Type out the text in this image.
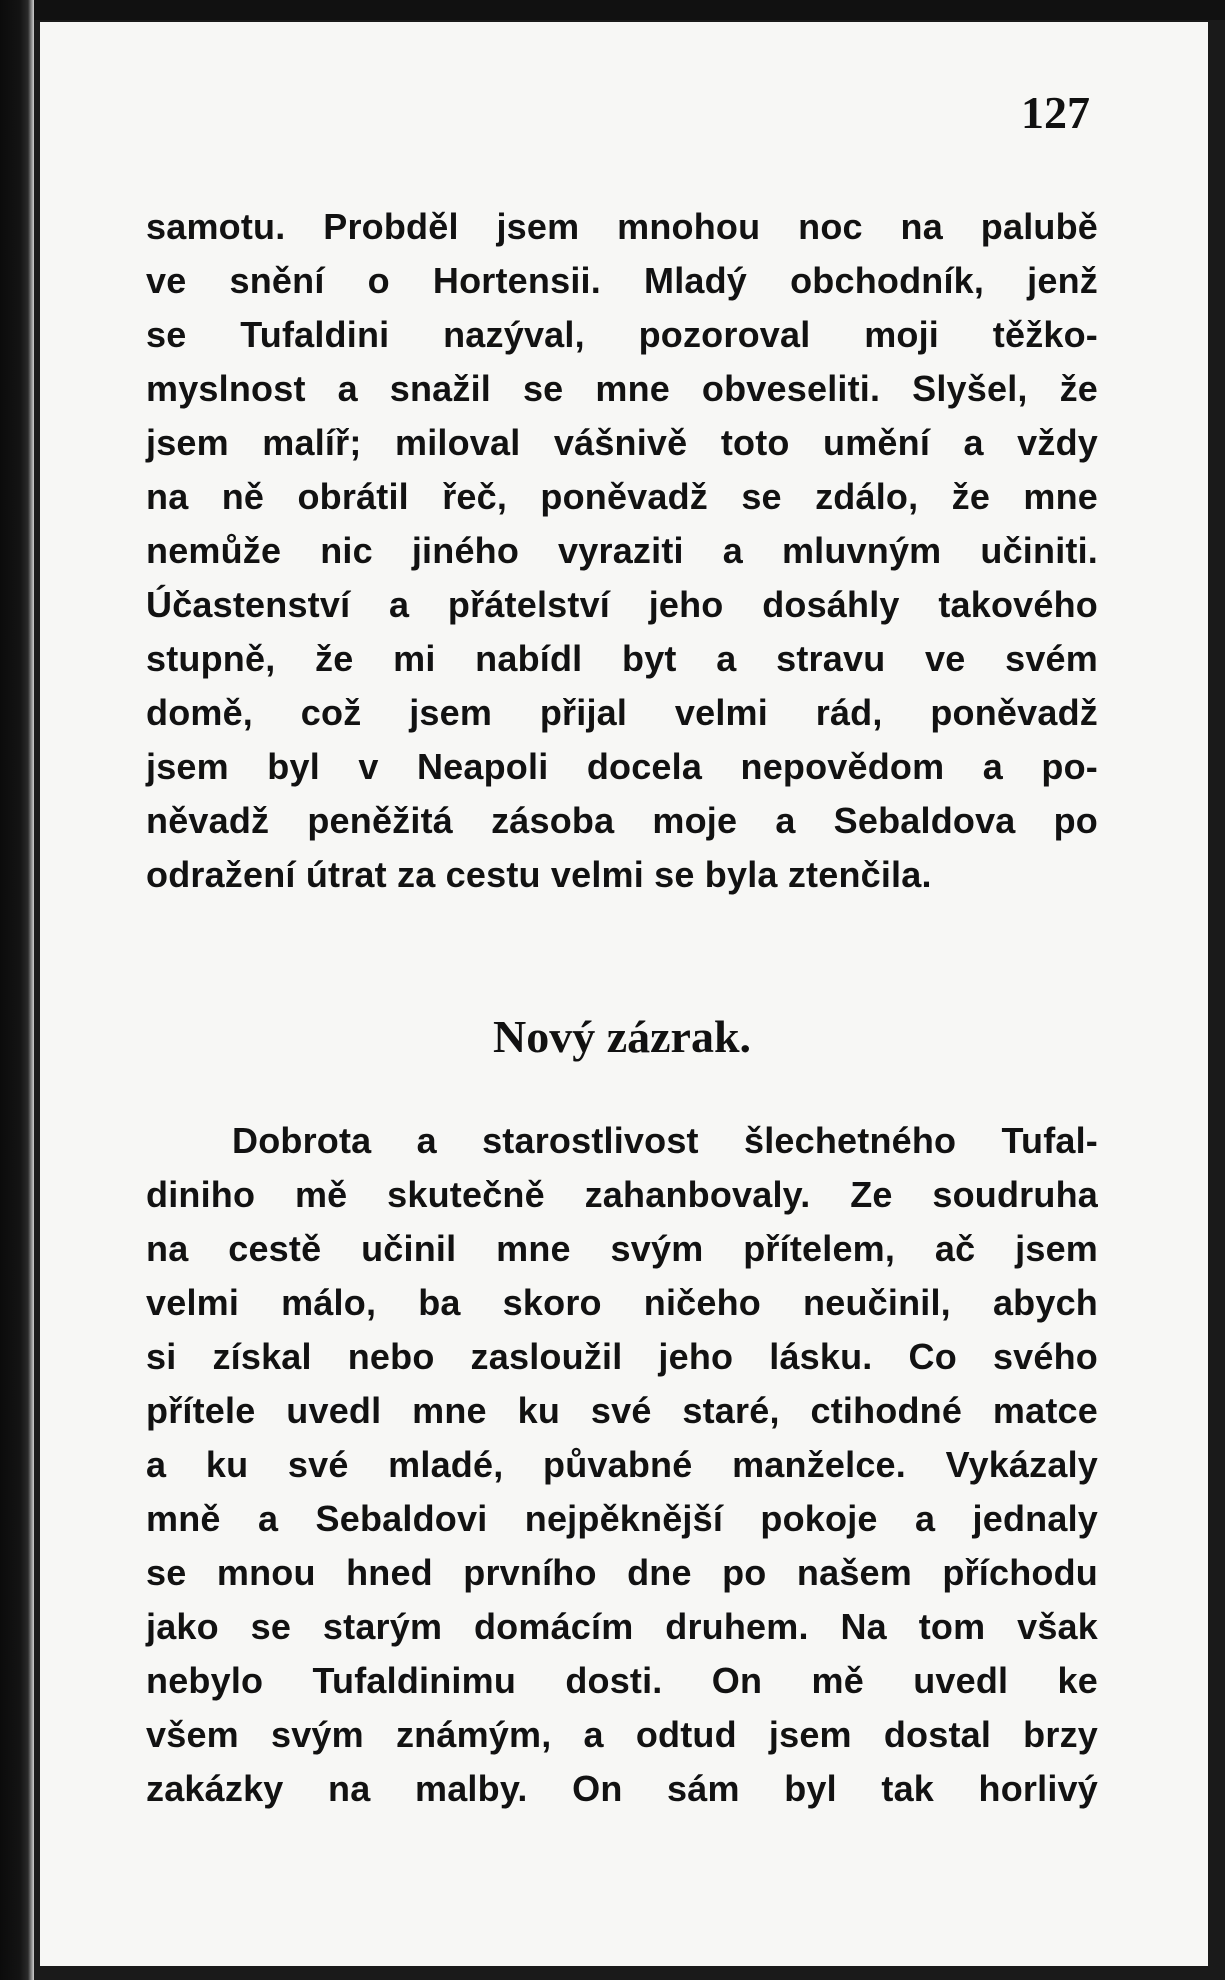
127

samotu. Probděl jsem mnohou noc na palubě
ve snění o Hortensii. Mladý obchodník, jenž
se Tufaldini nazýval, pozoroval moji těžko-
myslnost a snažil se mne obveseliti. Slyšel, že
jsem malíř; miloval vášnivě toto umění a vždy
na ně obrátil řeč, poněvadž se zdálo, že mne
nemůže nic jiného vyraziti a mluvným učiniti.
Účastenství a přátelství jeho dosáhly takového
stupně, že mi nabídl byt a stravu ve svém
domě, což jsem přijal velmi rád, poněvadž
jsem byl v Neapoli docela nepovědom a po-
něvadž peněžitá zásoba moje a Sebaldova po
odražení útrat za cestu velmi se byla ztenčila.
Nový zázrak.
Dobrota a starostlivost šlechetného Tufal-
diniho mě skutečně zahanbovaly. Ze soudruha
na cestě učinil mne svým přítelem, ač jsem
velmi málo, ba skoro ničeho neučinil, abych
si získal nebo zasloužil jeho lásku. Co svého
přítele uvedl mne ku své staré, ctihodné matce
a ku své mladé, půvabné manželce. Vykázaly
mně a Sebaldovi nejpěknější pokoje a jednaly
se mnou hned prvního dne po našem příchodu
jako se starým domácím druhem. Na tom však
nebylo Tufaldinimu dosti. On mě uvedl ke
všem svým známým, a odtud jsem dostal brzy
zakázky na malby. On sám byl tak horlivý
